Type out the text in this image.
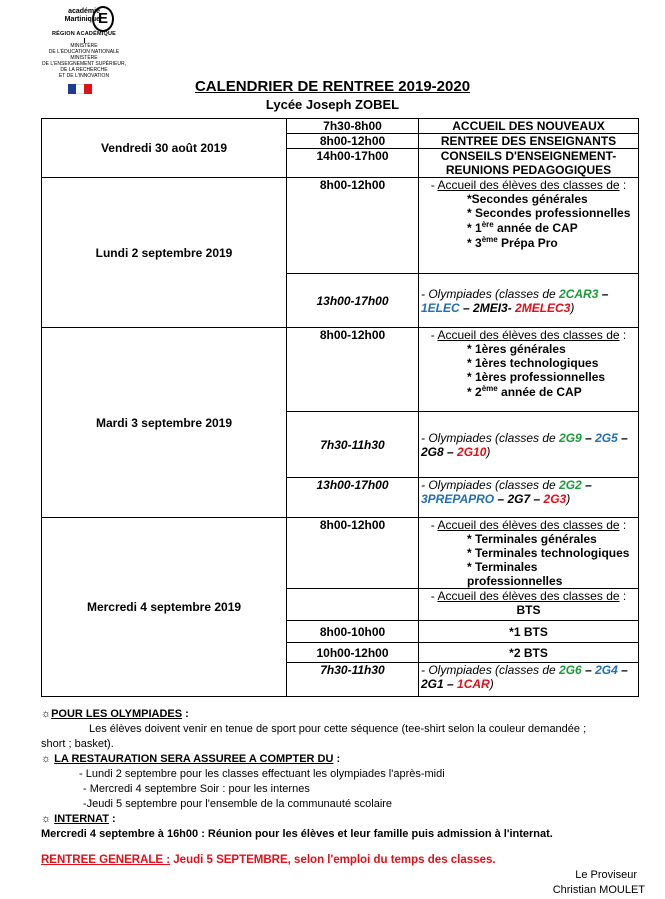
académie
Martinique
E
RÉGION ACADÉMIQUE
MINISTÈRE
DE L'ÉDUCATION NATIONALE
MINISTÈRE
DE L'ENSEIGNEMENT SUPÉRIEUR,
DE LA RECHERCHE
ET DE L'INNOVATION
CALENDRIER DE RENTREE 2019-2020
Lycée Joseph ZOBEL
Vendredi 30 août 2019	7h30-8h00	ACCUEIL DES NOUVEAUX
	8h00-12h00	RENTREE DES ENSEIGNANTS
	14h00-17h00	CONSEILS D'ENSEIGNEMENT-
REUNIONS PEDAGOGIQUES

Lundi 2 septembre 2019	8h00-12h00	- Accueil des élèves des classes de :
*Secondes générales
* Secondes professionnelles
* 1ère année de CAP
* 3ème Prépa Pro

	13h00-17h00	- Olympiades (classes de 2CAR3 –
1ELEC – 2MEI3- 2MELEC3)

Mardi 3 septembre 2019	8h00-12h00	- Accueil des élèves des classes de :
* 1ères générales
* 1ères technologiques
* 1ères professionnelles
* 2ème année de CAP

	7h30-11h30	- Olympiades (classes de 2G9 – 2G5 –
2G8 – 2G10)

	13h00-17h00	- Olympiades (classes de 2G2 –
3PREPAPRO – 2G7 – 2G3)

Mercredi 4 septembre 2019	8h00-12h00	- Accueil des élèves des classes de :
* Terminales générales
* Terminales technologiques
* Terminales professionnelles

		- Accueil des élèves des classes de :
BTS

	8h00-10h00	*1 BTS
	10h00-12h00	*2 BTS
	7h30-11h30	- Olympiades (classes de 2G6 – 2G4 –
2G1 – 1CAR)
☼POUR LES OLYMPIADES :
Les élèves doivent venir en tenue de sport pour cette séquence (tee-shirt selon la couleur demandée ;
short ; basket).
☼ LA RESTAURATION SERA ASSUREE A COMPTER DU :
- Lundi 2 septembre pour les classes effectuant les olympiades l'après-midi
- Mercredi 4 septembre Soir : pour les internes
-Jeudi 5 septembre pour l'ensemble de la communauté scolaire
☼ INTERNAT :
Mercredi 4 septembre à 16h00 : Réunion pour les élèves et leur famille puis admission à l'internat.
RENTREE GENERALE : Jeudi 5 SEPTEMBRE, selon l'emploi du temps des classes.
Le Proviseur
Christian MOULET
